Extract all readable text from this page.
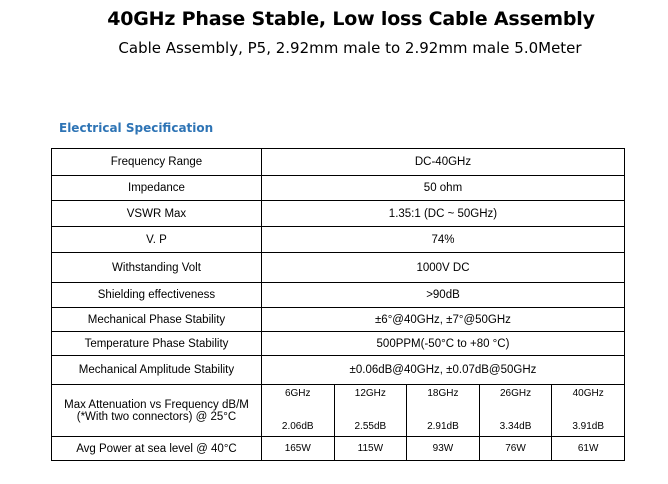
40GHz Phase Stable, Low loss Cable Assembly
Cable Assembly, P5, 2.92mm male to 2.92mm male 5.0Meter
Electrical Specification
Frequency Range	DC-40GHz				
Impedance	50 ohm				
VSWR Max	1.35:1 (DC ~ 50GHz)				
V. P	74%				
Withstanding Volt	1000V DC				
Shielding effectiveness	>90dB				
Mechanical Phase Stability	±6°@40GHz, ±7°@50GHz				
Temperature Phase Stability	500PPM(-50°C to +80 °C)				
Mechanical Amplitude Stability	±0.06dB@40GHz, ±0.07dB@50GHz				

Max Attenuation vs Frequency dB/M
(*With two connectors) @ 25°C	6GHz	12GHz	18GHz	26GHz	40GHz
	2.06dB	2.55dB	2.91dB	3.34dB	3.91dB
Avg Power at sea level @ 40°C	165W	115W	93W	76W	61W
